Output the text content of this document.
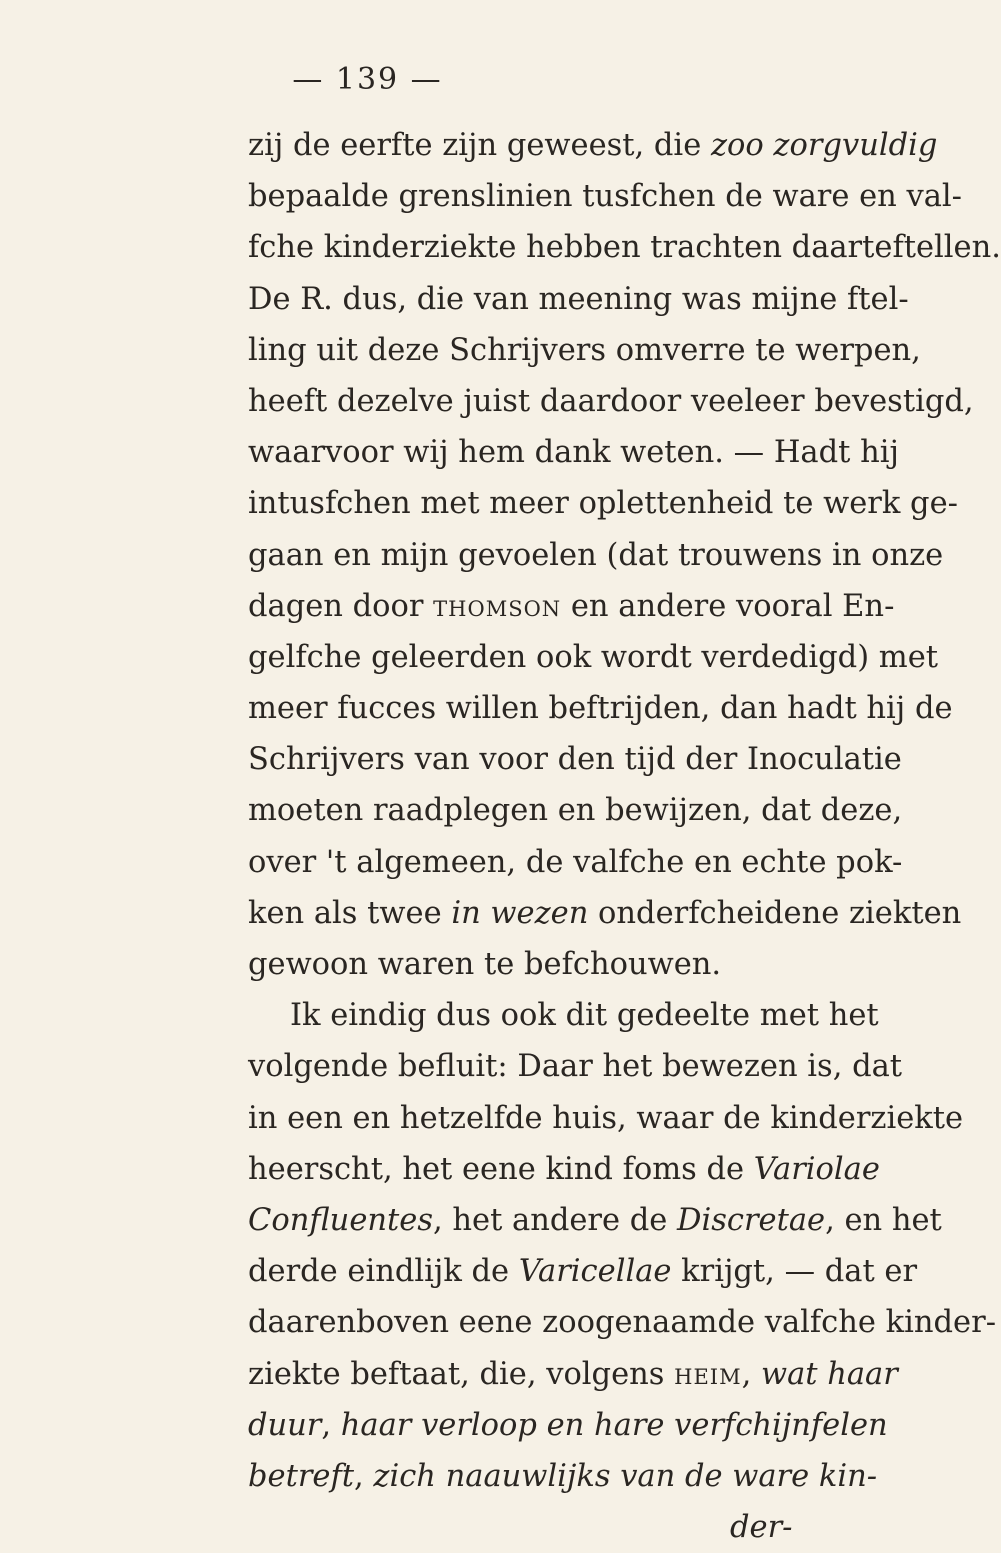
— 139 —
zij de eerfte zijn geweest, die zoo zorgvuldig
bepaalde grenslinien tusfchen de ware en val-
fche kinderziekte hebben trachten daarteftellen.
De R. dus, die van meening was mijne ftel-
ling uit deze Schrijvers omverre te werpen,
heeft dezelve juist daardoor veeleer bevestigd,
waarvoor wij hem dank weten. — Hadt hij
intusfchen met meer oplettenheid te werk ge-
gaan en mijn gevoelen (dat trouwens in onze
dagen door THOMSON en andere vooral En-
gelfche geleerden ook wordt verdedigd) met
meer fucces willen beftrijden, dan hadt hij de
Schrijvers van voor den tijd der Inoculatie
moeten raadplegen en bewijzen, dat deze,
over 't algemeen, de valfche en echte pok-
ken als twee in wezen onderfcheidene ziekten
gewoon waren te befchouwen.
Ik eindig dus ook dit gedeelte met het
volgende befluit: Daar het bewezen is, dat
in een en hetzelfde huis, waar de kinderziekte
heerscht, het eene kind foms de Variolae
Confluentes, het andere de Discretae, en het
derde eindlijk de Varicellae krijgt, — dat er
daarenboven eene zoogenaamde valfche kinder-
ziekte beftaat, die, volgens HEIM, wat haar
duur, haar verloop en hare verfchijnfelen
betreft, zich naauwlijks van de ware kin-
der-
